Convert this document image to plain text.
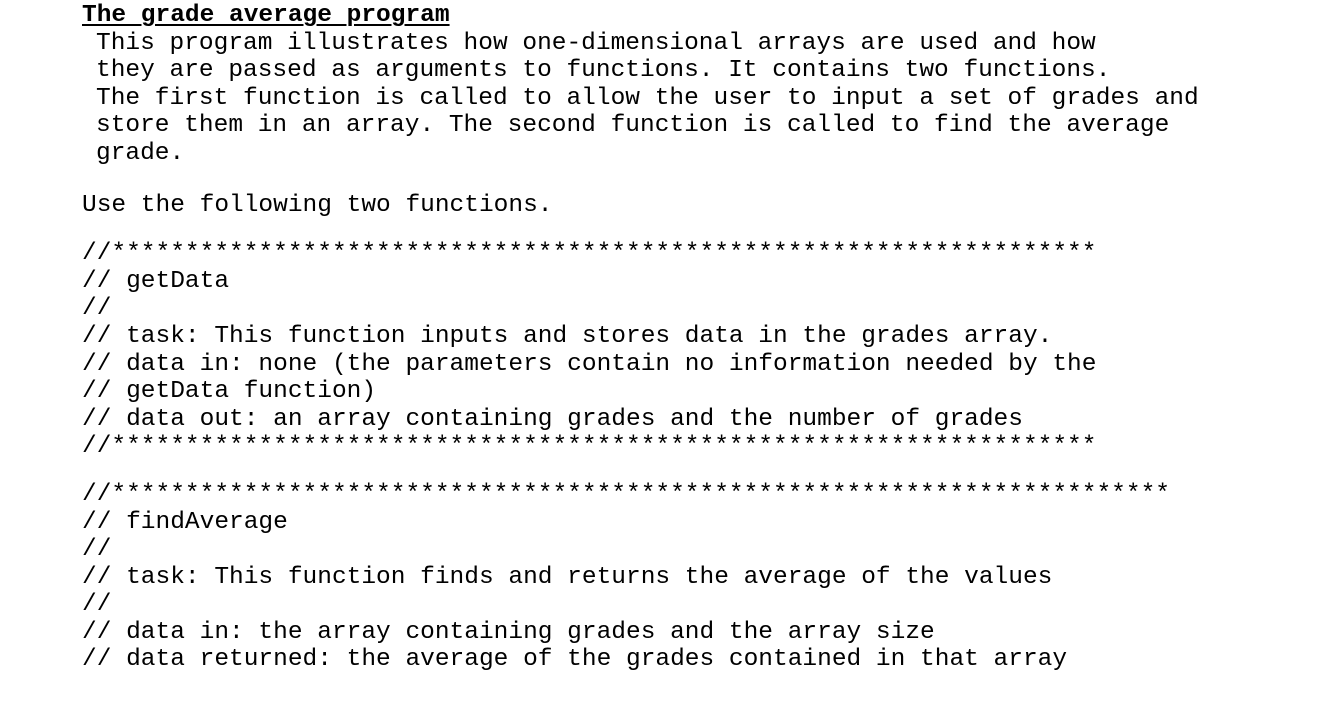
The grade average program
This program illustrates how one-dimensional arrays are used and how
they are passed as arguments to functions. It contains two functions.
The first function is called to allow the user to input a set of grades and
store them in an array. The second function is called to find the average
grade.
Use the following two functions.
//*******************************************************************
// getData
//
// task: This function inputs and stores data in the grades array.
// data in: none (the parameters contain no information needed by the
// getData function)
// data out: an array containing grades and the number of grades
//*******************************************************************
//************************************************************************
// findAverage
//
// task: This function finds and returns the average of the values
//
// data in: the array containing grades and the array size
// data returned: the average of the grades contained in that array
